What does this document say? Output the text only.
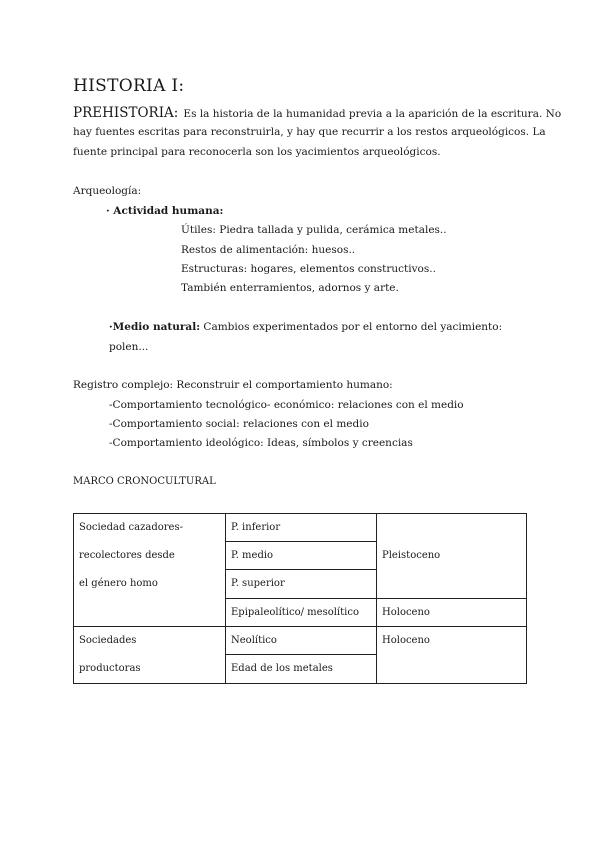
HISTORIA I:
PREHISTORIA: Es la historia de la humanidad previa a la aparición de la escritura. No
hay fuentes escritas para reconstruirla, y hay que recurrir a los restos arqueológicos. La
fuente principal para reconocerla son los yacimientos arqueológicos.
Arqueología:
· Actividad humana:
Útiles: Piedra tallada y pulida, cerámica metales..
Restos de alimentación: huesos..
Estructuras: hogares, elementos constructivos..
También enterramientos, adornos y arte.
·Medio natural: Cambios experimentados por el entorno del yacimiento:
polen...
Registro complejo: Reconstruir el comportamiento humano:
-Comportamiento tecnológico- económico: relaciones con el medio
-Comportamiento social: relaciones con el medio
-Comportamiento ideológico: Ideas, símbolos y creencias
MARCO CRONOCULTURAL
Sociedad cazadores-
recolectores desde
el género homo	P. inferior	Pleistoceno
	P. medio	
	P. superior	
	Epipaleolítico/ mesolítico	Holoceno

Sociedades
productoras	Neolítico	Holoceno
	Edad de los metales	
